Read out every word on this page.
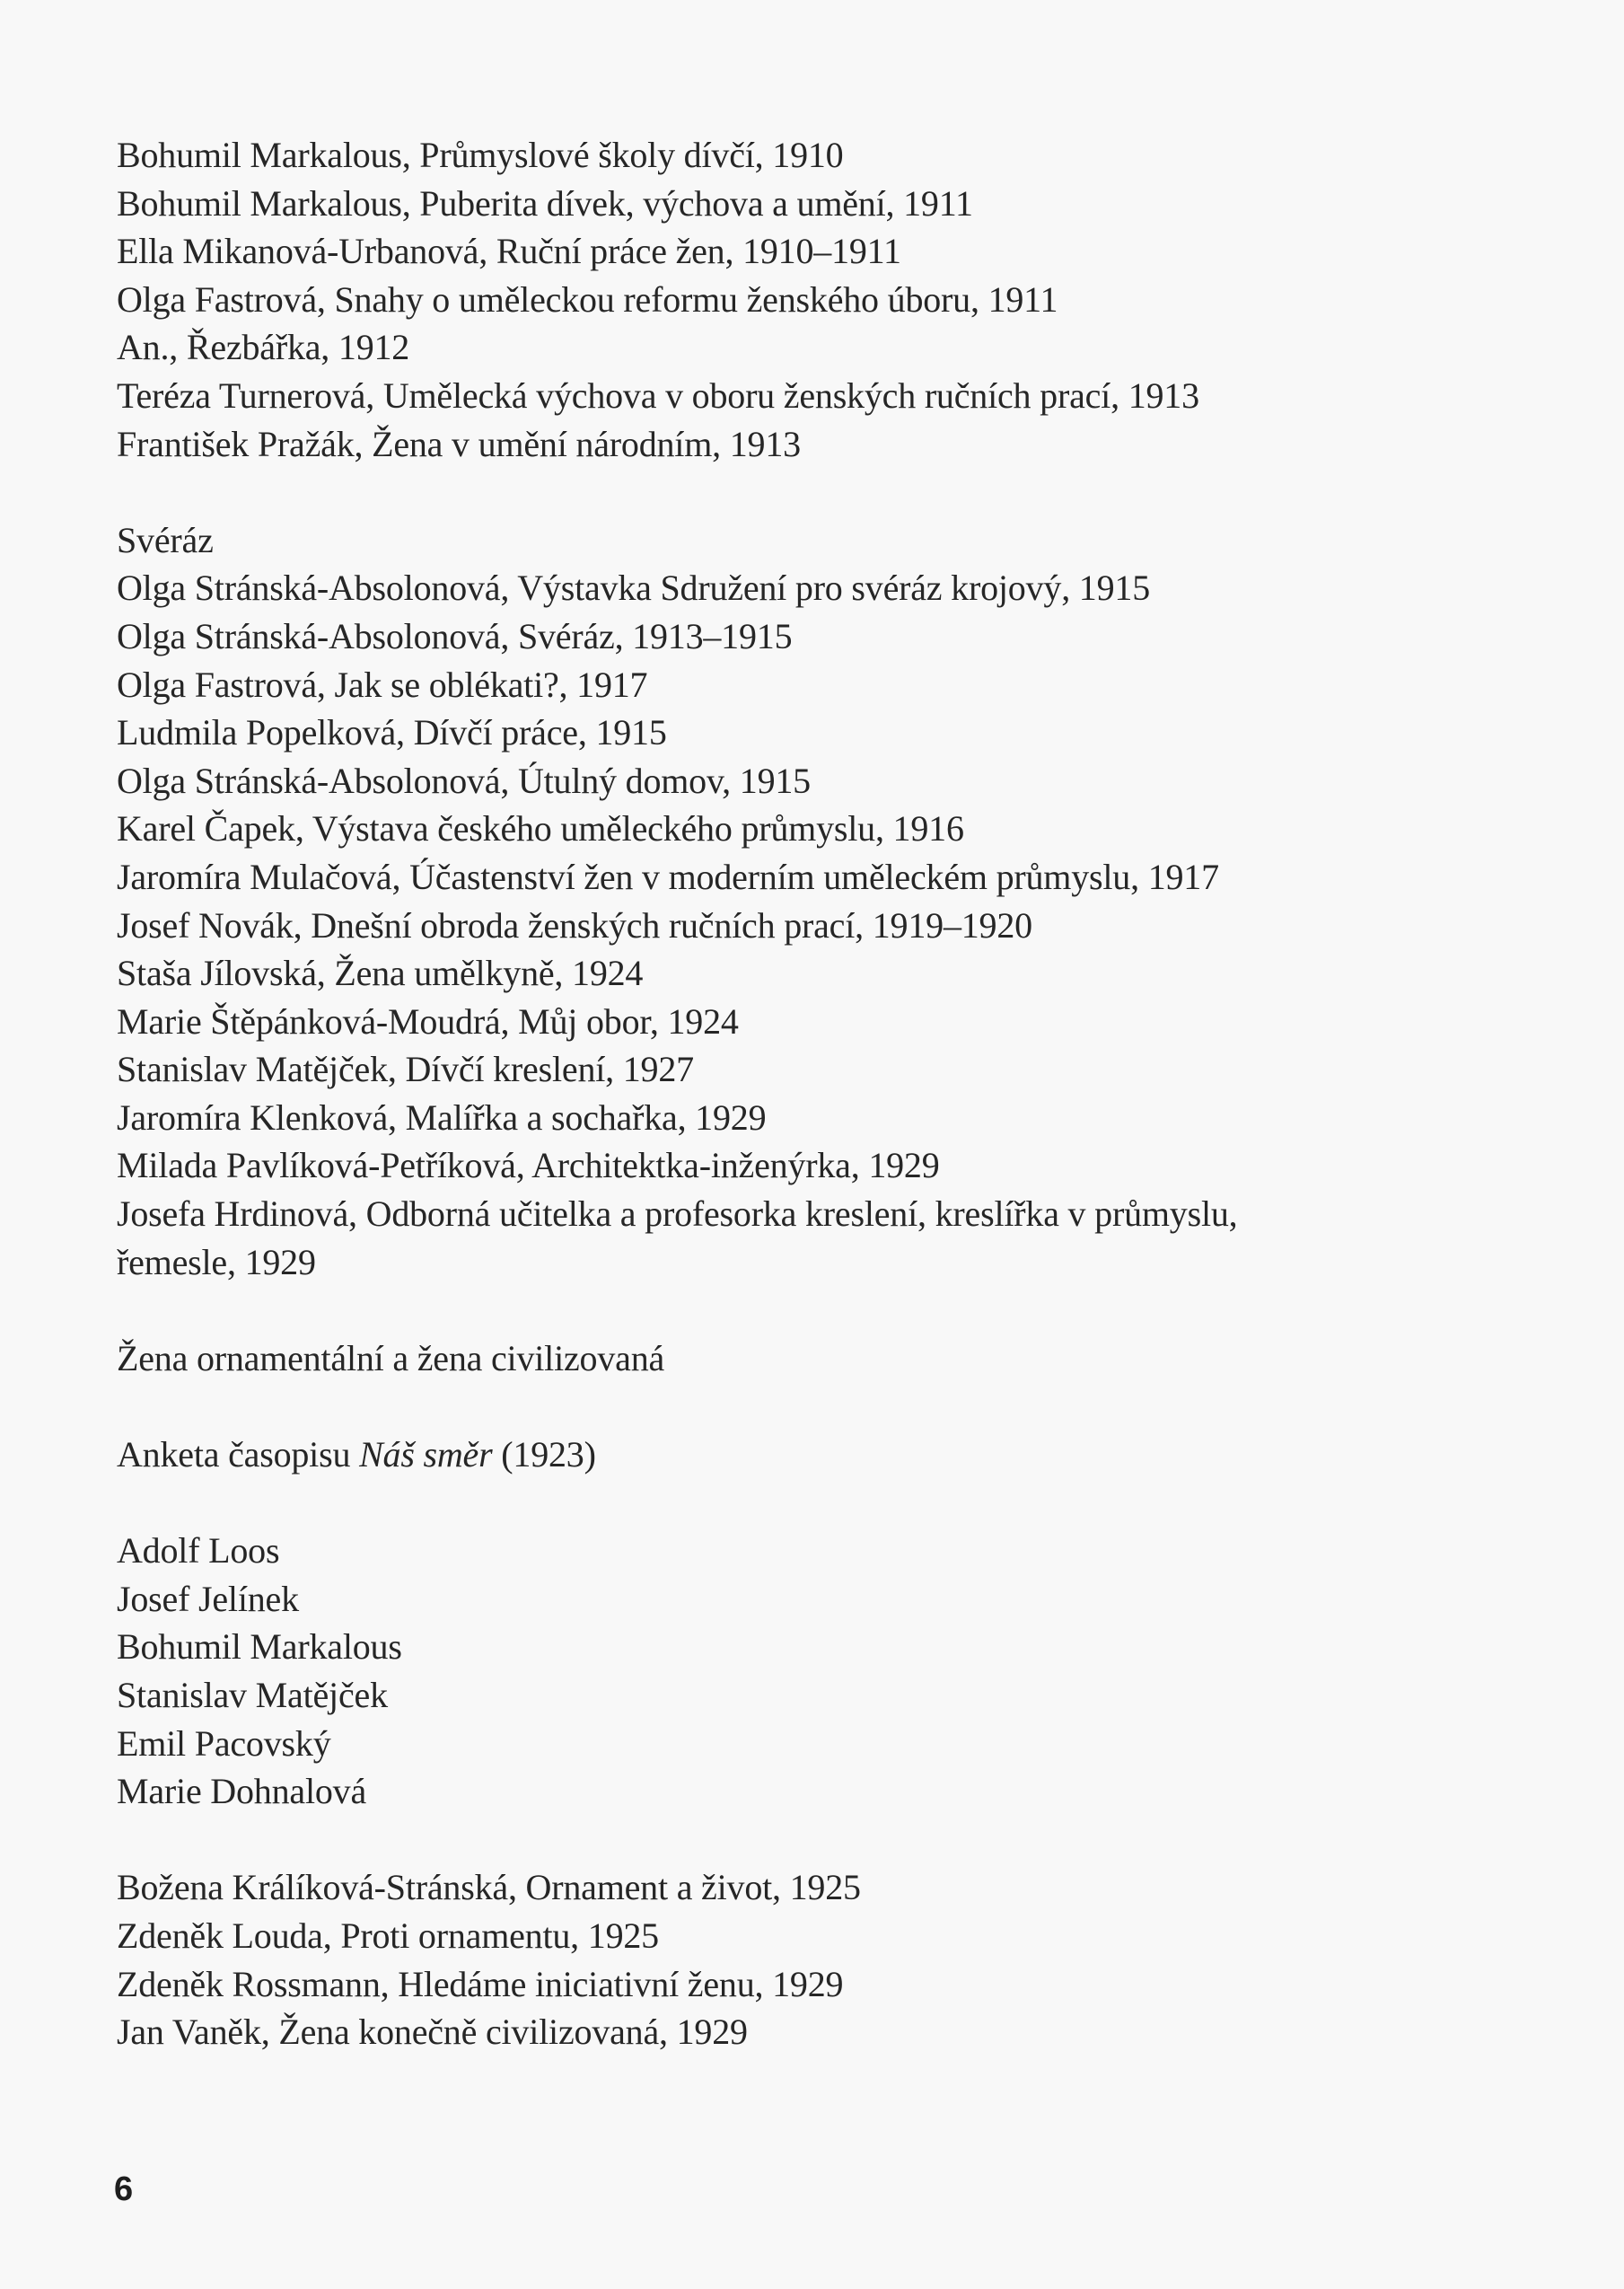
Bohumil Markalous, Průmyslové školy dívčí, 1910
Bohumil Markalous, Puberita dívek, výchova a umění, 1911
Ella Mikanová-Urbanová, Ruční práce žen, 1910–1911
Olga Fastrová, Snahy o uměleckou reformu ženského úboru, 1911
An., Řezbářka, 1912
Teréza Turnerová, Umělecká výchova v oboru ženských ručních prací, 1913
František Pražák, Žena v umění národním, 1913
Svéráz
Olga Stránská-Absolonová, Výstavka Sdružení pro svéráz krojový, 1915
Olga Stránská-Absolonová, Svéráz, 1913–1915
Olga Fastrová, Jak se oblékati?, 1917
Ludmila Popelková, Dívčí práce, 1915
Olga Stránská-Absolonová, Útulný domov, 1915
Karel Čapek, Výstava českého uměleckého průmyslu, 1916
Jaromíra Mulačová, Účastenství žen v moderním uměleckém průmyslu, 1917
Josef Novák, Dnešní obroda ženských ručních prací, 1919–1920
Staša Jílovská, Žena umělkyně, 1924
Marie Štěpánková-Moudrá, Můj obor, 1924
Stanislav Matějček, Dívčí kreslení, 1927
Jaromíra Klenková, Malířka a sochařka, 1929
Milada Pavlíková-Petříková, Architektka-inženýrka, 1929
Josefa Hrdinová, Odborná učitelka a profesorka kreslení, kreslířka v průmyslu,
řemesle, 1929
Žena ornamentální a žena civilizovaná
Anketa časopisu Náš směr (1923)
Adolf Loos
Josef Jelínek
Bohumil Markalous
Stanislav Matějček
Emil Pacovský
Marie Dohnalová
Božena Králíková-Stránská, Ornament a život, 1925
Zdeněk Louda, Proti ornamentu, 1925
Zdeněk Rossmann, Hledáme iniciativní ženu, 1929
Jan Vaněk, Žena konečně civilizovaná, 1929
6
